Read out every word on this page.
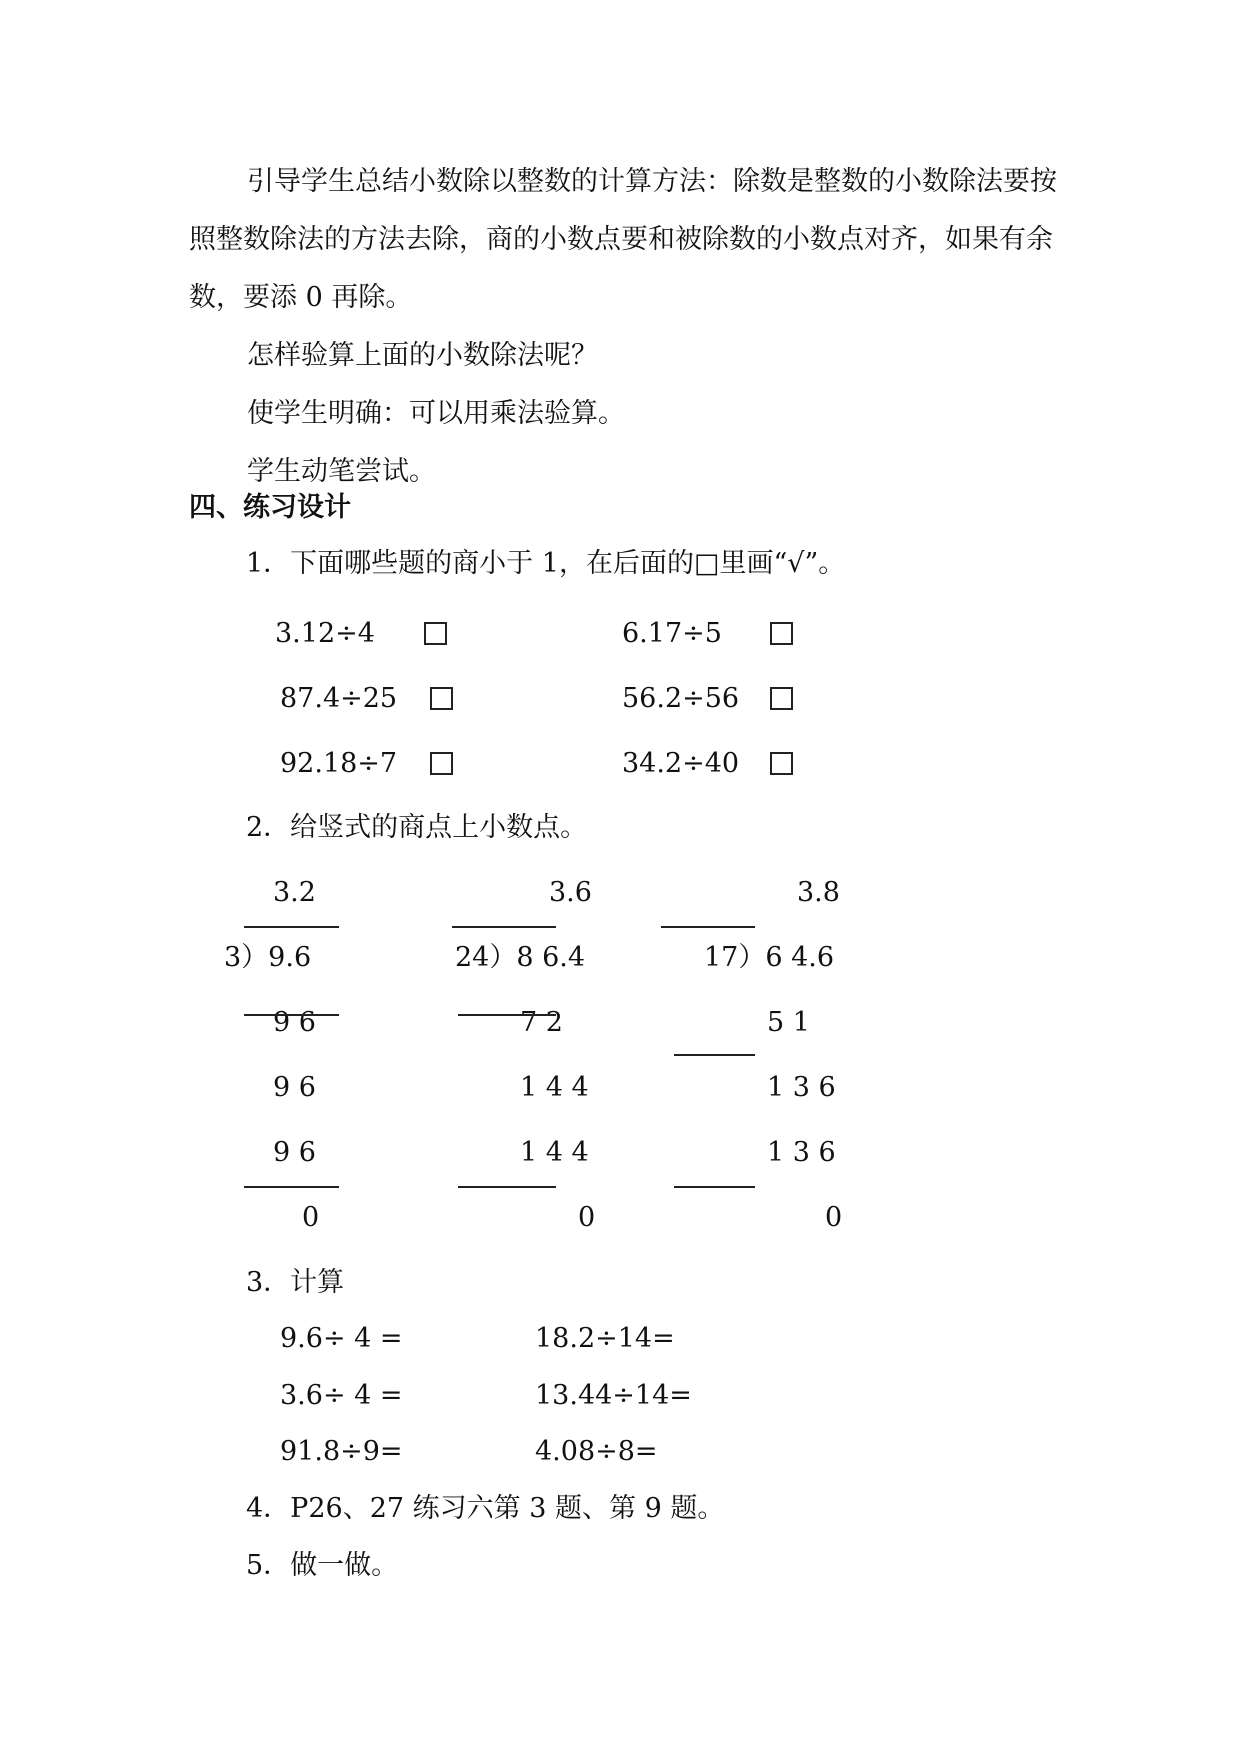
引导学生总结小数除以整数的计算方法：除数是整数的小数除法要按照整数除法的方法去除，商的小数点要和被除数的小数点对齐，如果有余数，要添 0 再除。

怎样验算上面的小数除法呢？

使学生明确：可以用乘法验算。

学生动笔尝试。

四、练习设计
1．下面哪些题的商小于 1，在后面的□里画“√”。
3.12÷4	6.17÷5
87.4÷25	56.2÷56
92.18÷7	34.2÷40
2．给竖式的商点上小数点。
3.2
3）9.6
9 6
9 6
9 6
0
3.6
24）8 6.4
7 2
1 4 4
1 4 4
0
3.8
17）6 4.6
5 1
1 3 6
1 3 6
0
3．计算
9.6÷ 4 =	18.2÷14=
3.6÷ 4 =	13.44÷14=
91.8÷9=	4.08÷8=
4．P26、27 练习六第 3 题、第 9 题。
5．做一做。
